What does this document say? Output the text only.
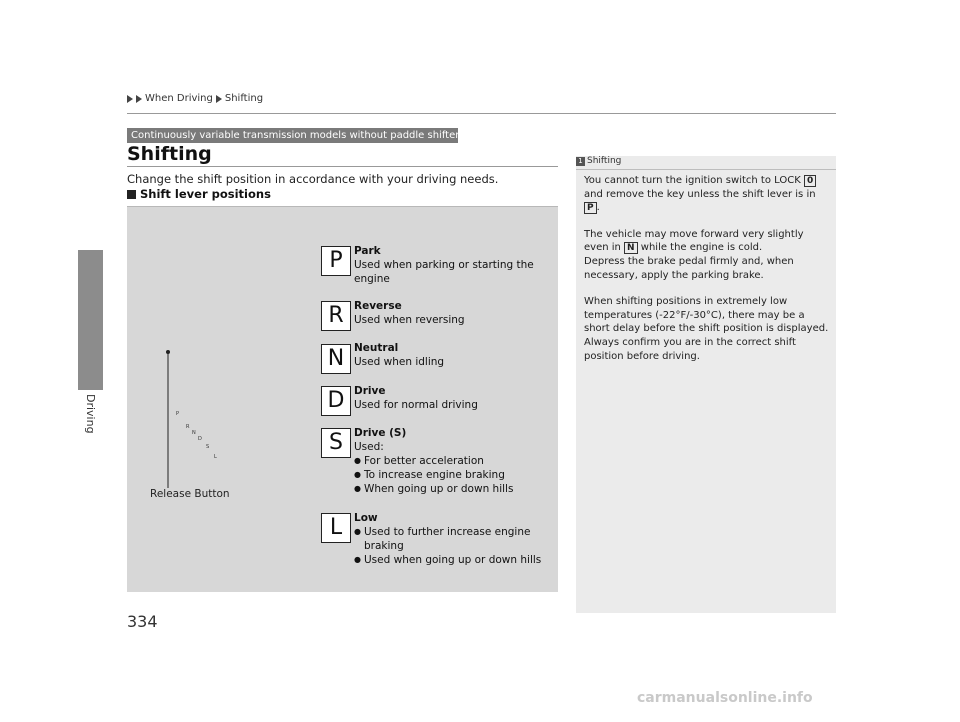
When Driving Shifting
Driving
Continuously variable transmission models without paddle shifters
Shifting
Change the shift position in accordance with your driving needs.
Shift lever positions
P	Park
Used when parking or starting the engine
R Reverse
Used when reversing
N Neutral
Used when idling
D Drive
Used for normal driving
S	Drive (S)
Used:
● For better acceleration
● To increase engine braking
● When going up or down hills
L	Low
● Used to further increase engine braking
● Used when going up or down hills
P
R
N
D
S
L
Release Button
1 Shifting

You cannot turn the ignition switch to LOCK 0 and remove the key unless the shift lever is in P .

The vehicle may move forward very slightly even in N while the engine is cold.
Depress the brake pedal firmly and, when necessary, apply the parking brake.

When shifting positions in extremely low temperatures (-22°F/-30°C), there may be a short delay before the shift position is displayed. Always confirm you are in the correct shift position before driving.

334
carmanualsonline.info
